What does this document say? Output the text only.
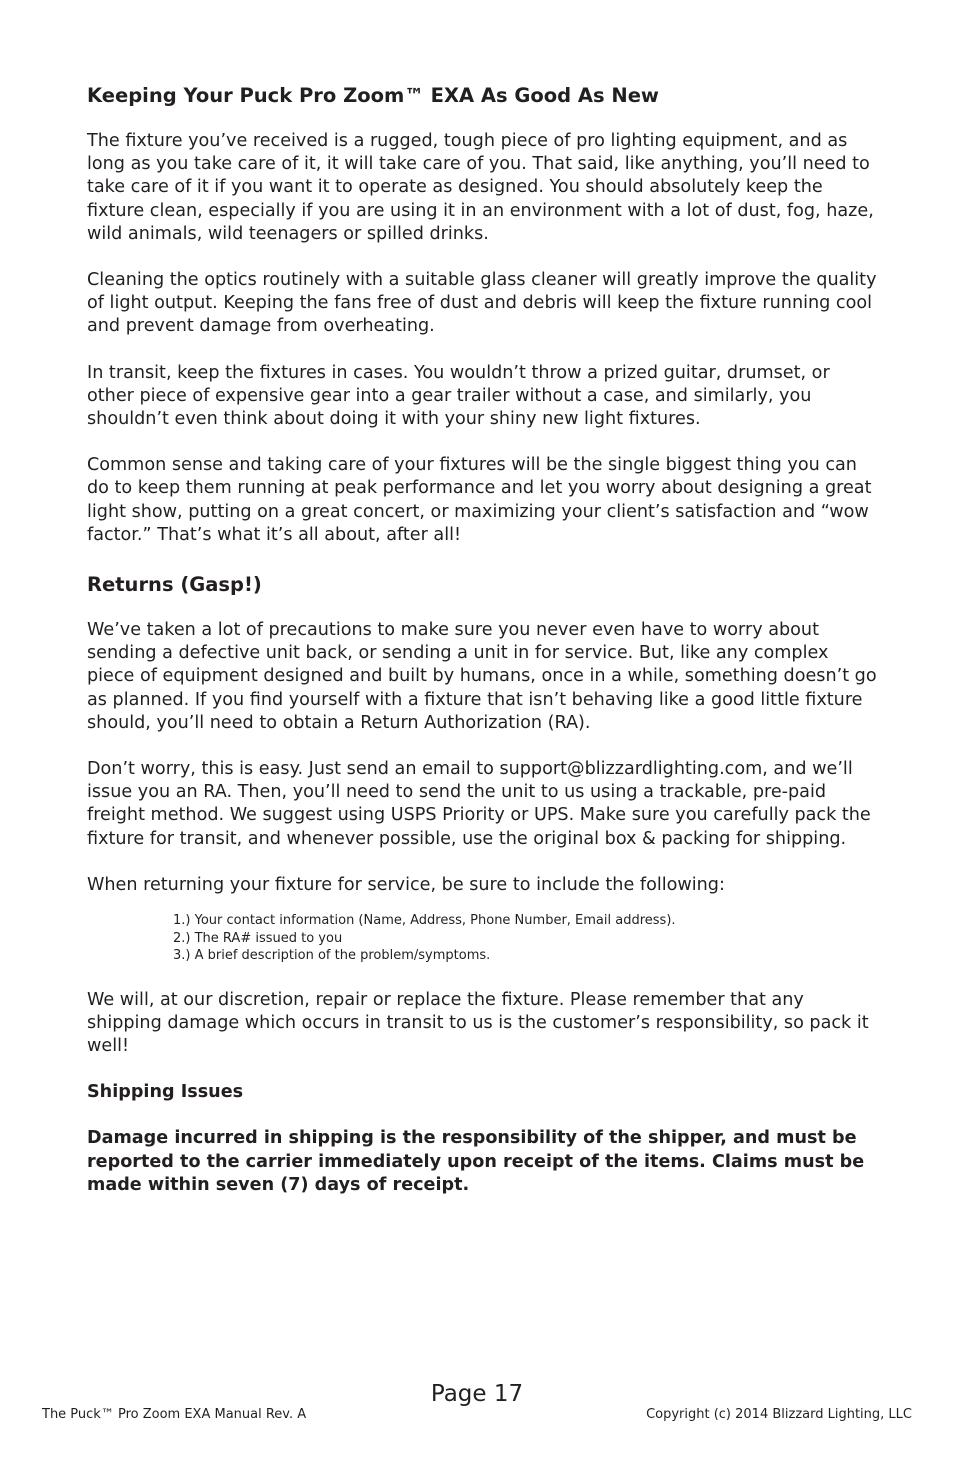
Keeping Your Puck Pro Zoom™ EXA As Good As New

The fixture you’ve received is a rugged, tough piece of pro lighting equipment, and as long as you take care of it, it will take care of you. That said, like anything, you’ll need to take care of it if you want it to operate as designed. You should absolutely keep the fixture clean, especially if you are using it in an environment with a lot of dust, fog, haze, wild animals, wild teenagers or spilled drinks.

Cleaning the optics routinely with a suitable glass cleaner will greatly improve the quality of light output. Keeping the fans free of dust and debris will keep the fixture running cool and prevent damage from overheating.

In transit, keep the fixtures in cases. You wouldn’t throw a prized guitar, drumset, or other piece of expensive gear into a gear trailer without a case, and similarly, you shouldn’t even think about doing it with your shiny new light fixtures.

Common sense and taking care of your fixtures will be the single biggest thing you can do to keep them running at peak performance and let you worry about designing a great light show, putting on a great concert, or maximizing your client’s satisfaction and “wow factor.” That’s what it’s all about, after all!

Returns (Gasp!)

We’ve taken a lot of precautions to make sure you never even have to worry about sending a defective unit back, or sending a unit in for service. But, like any complex piece of equipment designed and built by humans, once in a while, something doesn’t go as planned. If you find yourself with a fixture that isn’t behaving like a good little fixture should, you’ll need to obtain a Return Authorization (RA).

Don’t worry, this is easy. Just send an email to support@blizzardlighting.com, and we’ll issue you an RA. Then, you’ll need to send the unit to us using a trackable, pre-paid freight method. We suggest using USPS Priority or UPS. Make sure you carefully pack the fixture for transit, and whenever possible, use the original box & packing for shipping.

When returning your fixture for service, be sure to include the following:

1.) Your contact information (Name, Address, Phone Number, Email address).
2.) The RA# issued to you
3.) A brief description of the problem/symptoms.

We will, at our discretion, repair or replace the fixture. Please remember that any shipping damage which occurs in transit to us is the customer’s responsibility, so pack it well!

Shipping Issues

Damage incurred in shipping is the responsibility of the shipper, and must be reported to the carrier immediately upon receipt of the items. Claims must be made within seven (7) days of receipt.

Page 17
The Puck™ Pro Zoom EXA Manual Rev. A	Copyright (c) 2014 Blizzard Lighting, LLC
